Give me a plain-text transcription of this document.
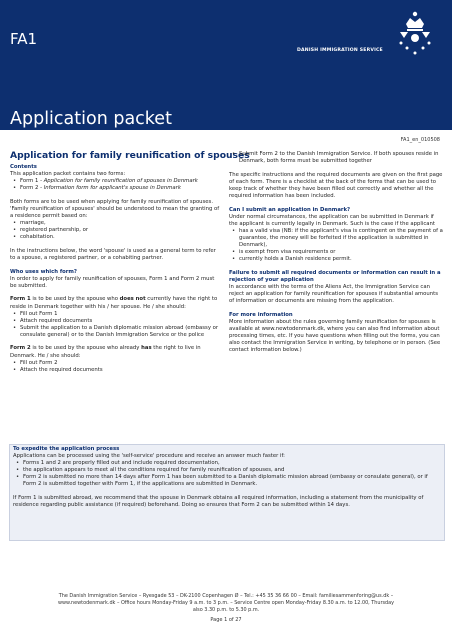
FA1
DANISH IMMIGRATION SERVICE
Application packet
FA1_en_010508
Application for family reunification of spouses
Contents
This application packet contains two forms:
• Form 1 - Application for family reunification of spouses in Denmark
• Form 2 - Information form for applicant's spouse in Denmark
Both forms are to be used when applying for family reunification of spouses. 'Family reunification of spouses' should be understood to mean the granting of a residence permit based on:
• marriage,
• registered partnership, or
• cohabitation.

In the instructions below, the word 'spouse' is used as a general term to refer to a spouse, a registered partner, or a cohabiting partner.

Who uses which form?

In order to apply for family reunification of spouses, Form 1 and Form 2 must be submitted.

Form 1 is to be used by the spouse who does not currently have the right to reside in Denmark together with his / her spouse. He / she should:
• Fill out Form 1
• Attach required documents
• Submit the application to a Danish diplomatic mission abroad (embassy or consulate general) or to the Danish Immigration Service or the police
Form 2 is to be used by the spouse who already has the right to live in Denmark. He / she should:
• Fill out Form 2
• Attach the required documents
• Submit Form 2 to the Danish Immigration Service. If both spouses reside in Denmark, both forms must be submitted together

The specific instructions and the required documents are given on the first page of each form. There is a checklist at the back of the forms that can be used to keep track of whether they have been filled out correctly and whether all the required information has been included.

Can I submit an application in Denmark?
Under normal circumstances, the application can be submitted in Denmark if the applicant is currently legally in Denmark. Such is the case if the applicant
• has a valid visa (NB: if the applicant's visa is contingent on the payment of a guarantee, the money will be forfeited if the application is submitted in Denmark),
• is exempt from visa requirements or
• currently holds a Danish residence permit.
Failure to submit all required documents or information can result in a rejection of your application

In accordance with the terms of the Aliens Act, the Immigration Service can reject an application for family reunification for spouses if substantial amounts of information or documents are missing from the application.

For more information

More information about the rules governing family reunification for spouses is available at www.newtodenmark.dk, where you can also find information about processing times, etc. If you have questions when filling out the forms, you can also contact the Immigration Service in writing, by telephone or in person. (See contact information below.)

To expedite the application process
Applications can be processed using the 'self-service' procedure and receive an answer much faster if:
• Forms 1 and 2 are properly filled out and include required documentation,
• the application appears to meet all the conditions required for family reunification of spouses, and
• Form 2 is submitted no more than 14 days after Form 1 has been submitted to a Danish diplomatic mission abroad (embassy or consulate general), or if Form 2 is submitted together with Form 1, if the applications are submitted in Denmark.

If Form 1 is submitted abroad, we recommend that the spouse in Denmark obtains all required information, including a statement from the municipality of residence regarding public assistance (if required) beforehand. Doing so ensures that Form 2 can be submitted within 14 days.

The Danish Immigration Service – Ryesgade 53 – DK-2100 Copenhagen Ø – Tel.: +45 35 36 66 00 – Email: familiesammenforing@us.dk –
www.newtodenmark.dk – Office hours Monday-Friday 9 a.m. to 3 p.m. – Service Centre open Monday-Friday 8.30 a.m. to 12.00, Thursday
also 3.30 p.m. to 5.30 p.m.
Page 1 of 27
